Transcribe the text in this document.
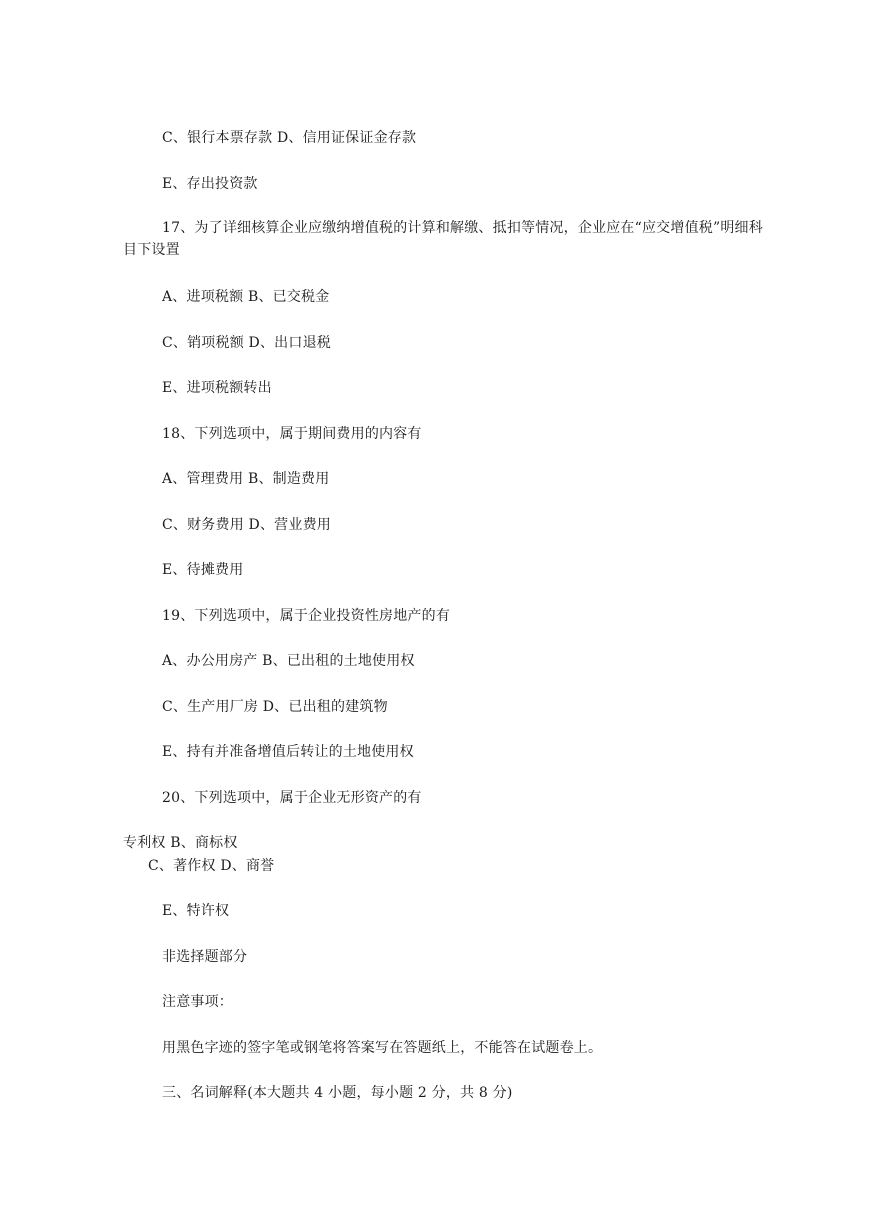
C、银行本票存款 D、信用证保证金存款
E、存出投资款
17、为了详细核算企业应缴纳增值税的计算和解缴、抵扣等情况，企业应在“应交增值税”明细科目下设置
A、进项税额 B、已交税金
C、销项税额 D、出口退税
E、进项税额转出
18、下列选项中，属于期间费用的内容有
A、管理费用 B、制造费用
C、财务费用 D、营业费用
E、待摊费用
19、下列选项中，属于企业投资性房地产的有
A、办公用房产 B、已出租的土地使用权
C、生产用厂房 D、已出租的建筑物
E、持有并准备增值后转让的土地使用权
20、下列选项中，属于企业无形资产的有
专利权 B、商标权
C、著作权 D、商誉
E、特许权
非选择题部分
注意事项：
用黑色字迹的签字笔或钢笔将答案写在答题纸上，不能答在试题卷上。
三、名词解释(本大题共 4 小题，每小题 2 分，共 8 分)
